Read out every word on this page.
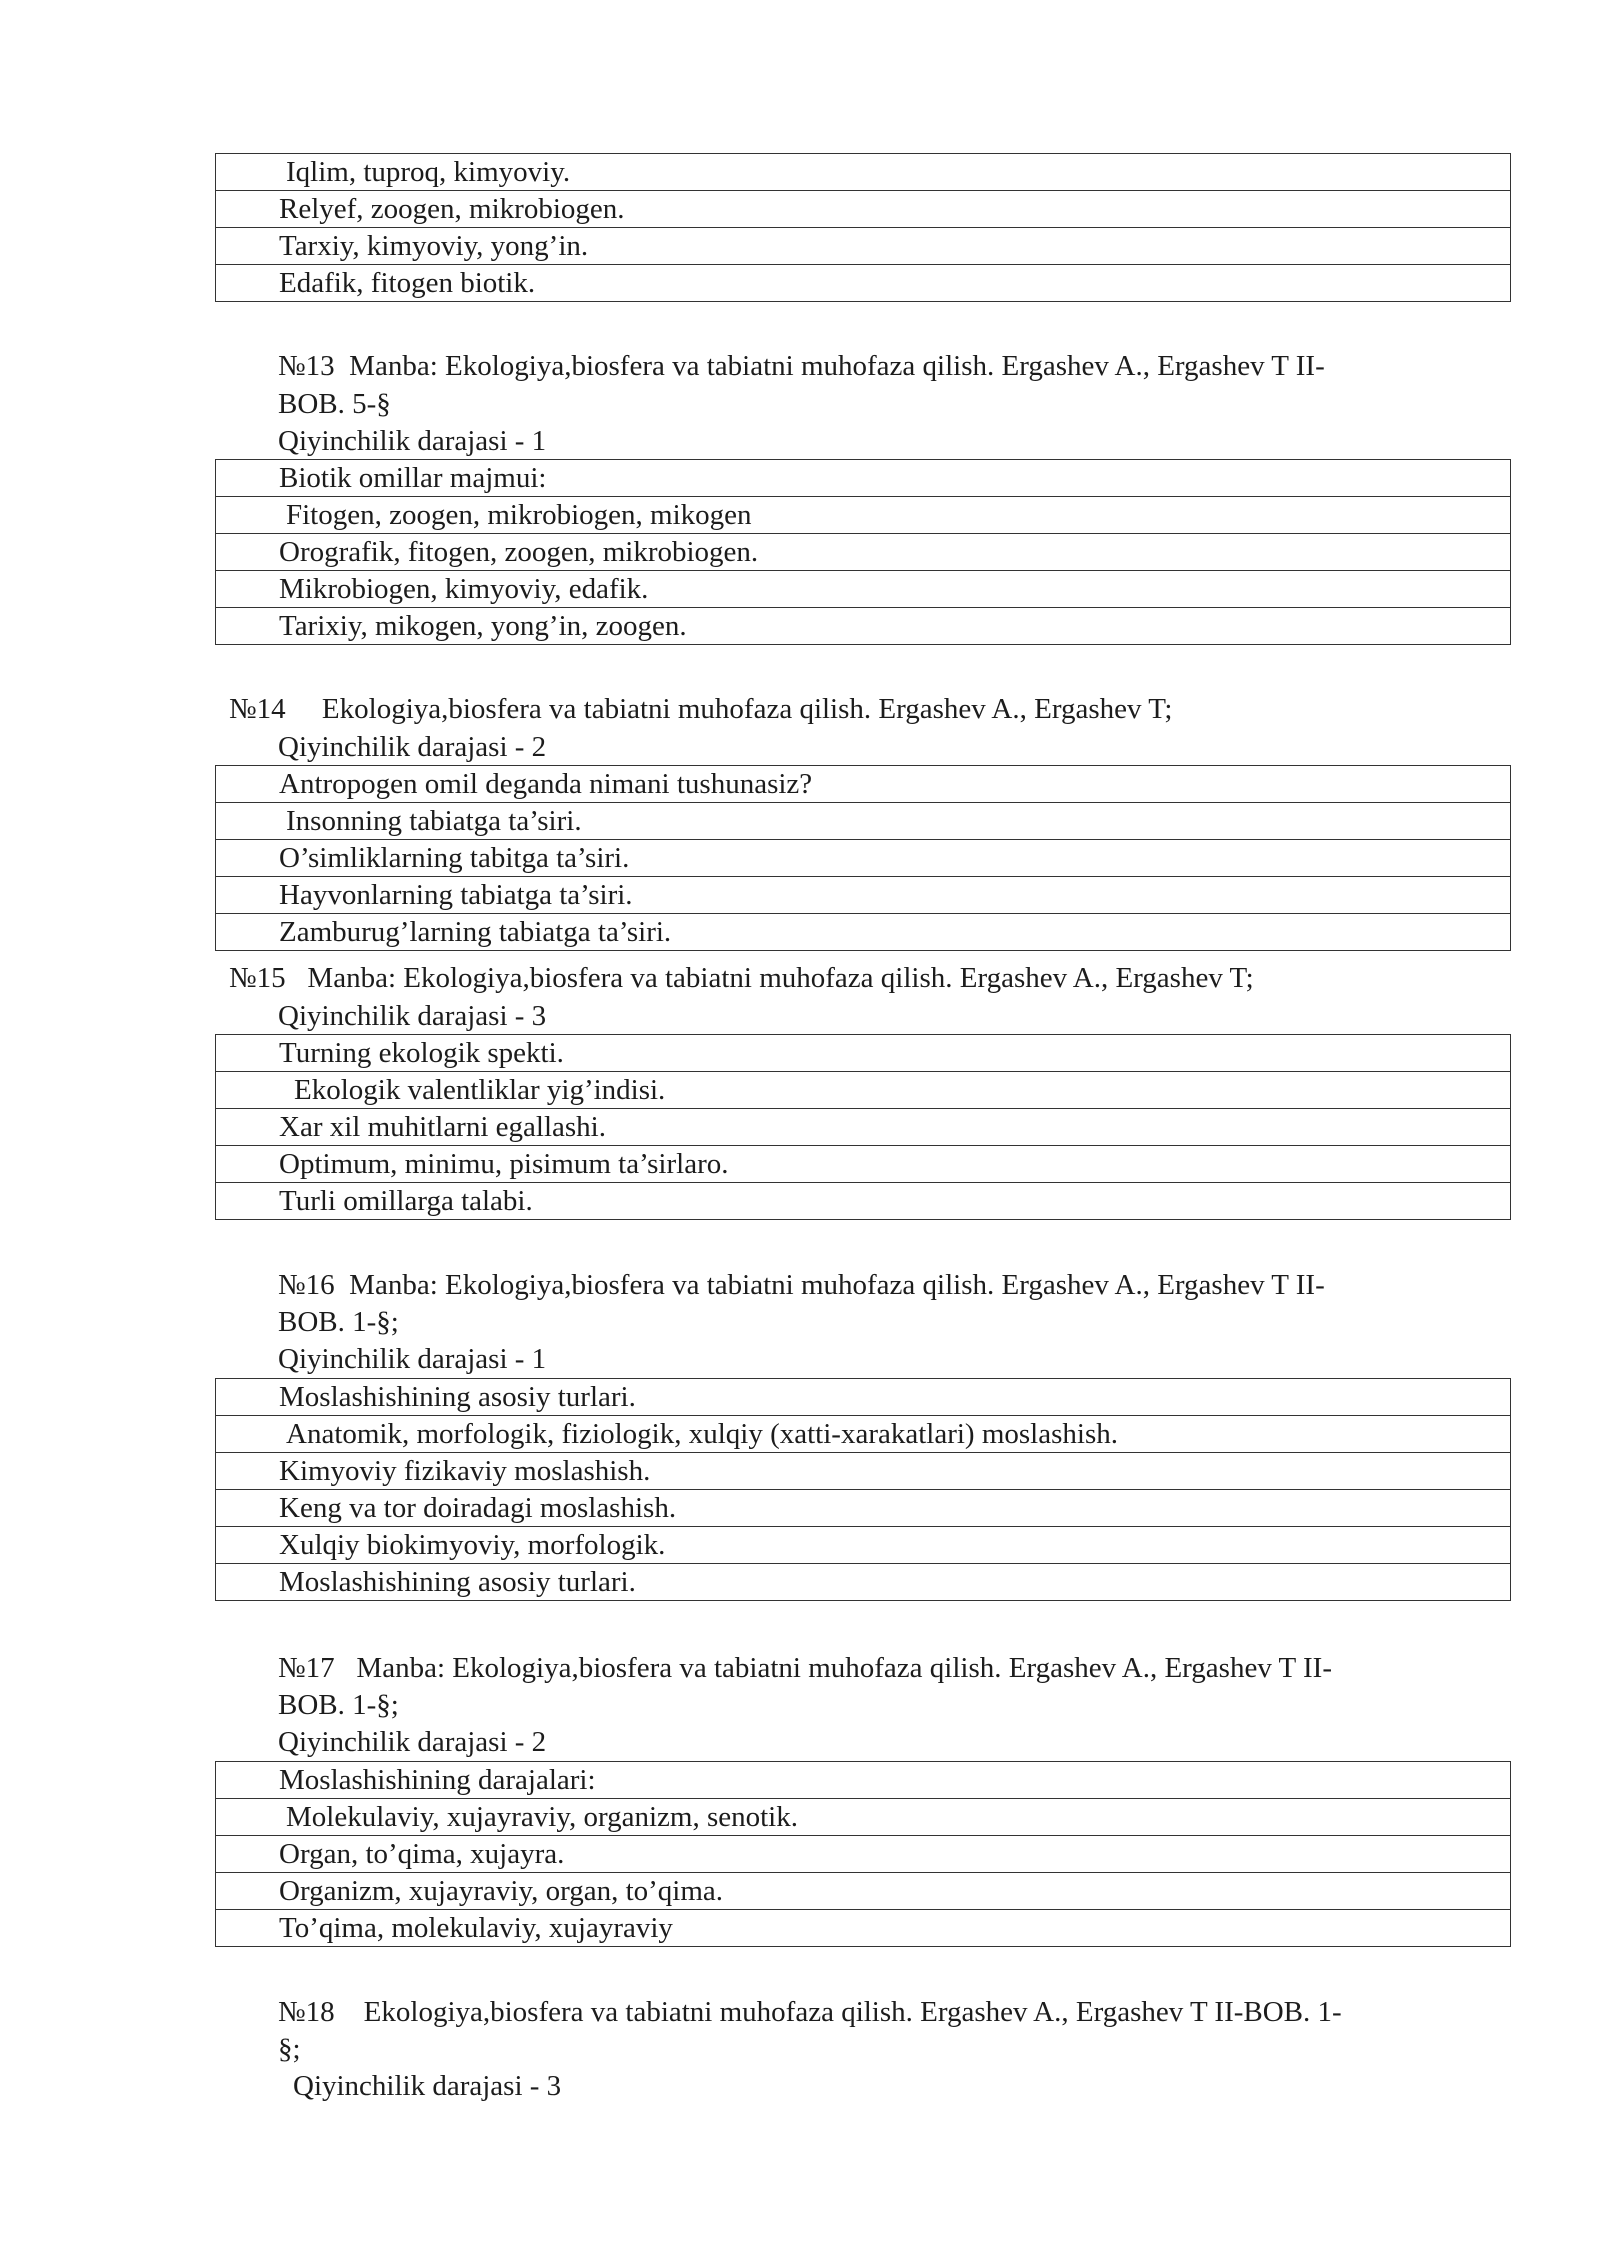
Iqlim, tuproq, kimyoviy.
Relyef, zoogen, mikrobiogen.
Tarxiy, kimyoviy, yong’in.
Edafik, fitogen biotik.
№13 Manba: Ekologiya,biosfera va tabiatni muhofaza qilish. Ergashev A., Ergashev T II-
BOB. 5-§
Qiyinchilik darajasi - 1
Biotik omillar majmui:
Fitogen, zoogen, mikrobiogen, mikogen
Orografik, fitogen, zoogen, mikrobiogen.
Mikrobiogen, kimyoviy, edafik.
Tarixiy, mikogen, yong’in, zoogen.
№14 Ekologiya,biosfera va tabiatni muhofaza qilish. Ergashev A., Ergashev T;
Qiyinchilik darajasi - 2
Antropogen omil deganda nimani tushunasiz?
Insonning tabiatga ta’siri.
O’simliklarning tabitga ta’siri.
Hayvonlarning tabiatga ta’siri.
Zamburug’larning tabiatga ta’siri.
№15 Manba: Ekologiya,biosfera va tabiatni muhofaza qilish. Ergashev A., Ergashev T;
Qiyinchilik darajasi - 3
Turning ekologik spekti.
Ekologik valentliklar yig’indisi.
Xar xil muhitlarni egallashi.
Optimum, minimu, pisimum ta’sirlaro.
Turli omillarga talabi.
№16 Manba: Ekologiya,biosfera va tabiatni muhofaza qilish. Ergashev A., Ergashev T II-
BOB. 1-§;
Qiyinchilik darajasi - 1
Moslashishining asosiy turlari.
Anatomik, morfologik, fiziologik, xulqiy (xatti-xarakatlari) moslashish.
Kimyoviy fizikaviy moslashish.
Keng va tor doiradagi moslashish.
Xulqiy biokimyoviy, morfologik.
Moslashishining asosiy turlari.
№17 Manba: Ekologiya,biosfera va tabiatni muhofaza qilish. Ergashev A., Ergashev T II-
BOB. 1-§;
Qiyinchilik darajasi - 2
Moslashishining darajalari:
Molekulaviy, xujayraviy, organizm, senotik.
Organ, to’qima, xujayra.
Organizm, xujayraviy, organ, to’qima.
To’qima, molekulaviy, xujayraviy
№18 Ekologiya,biosfera va tabiatni muhofaza qilish. Ergashev A., Ergashev T II-BOB. 1-
§;
Qiyinchilik darajasi - 3
